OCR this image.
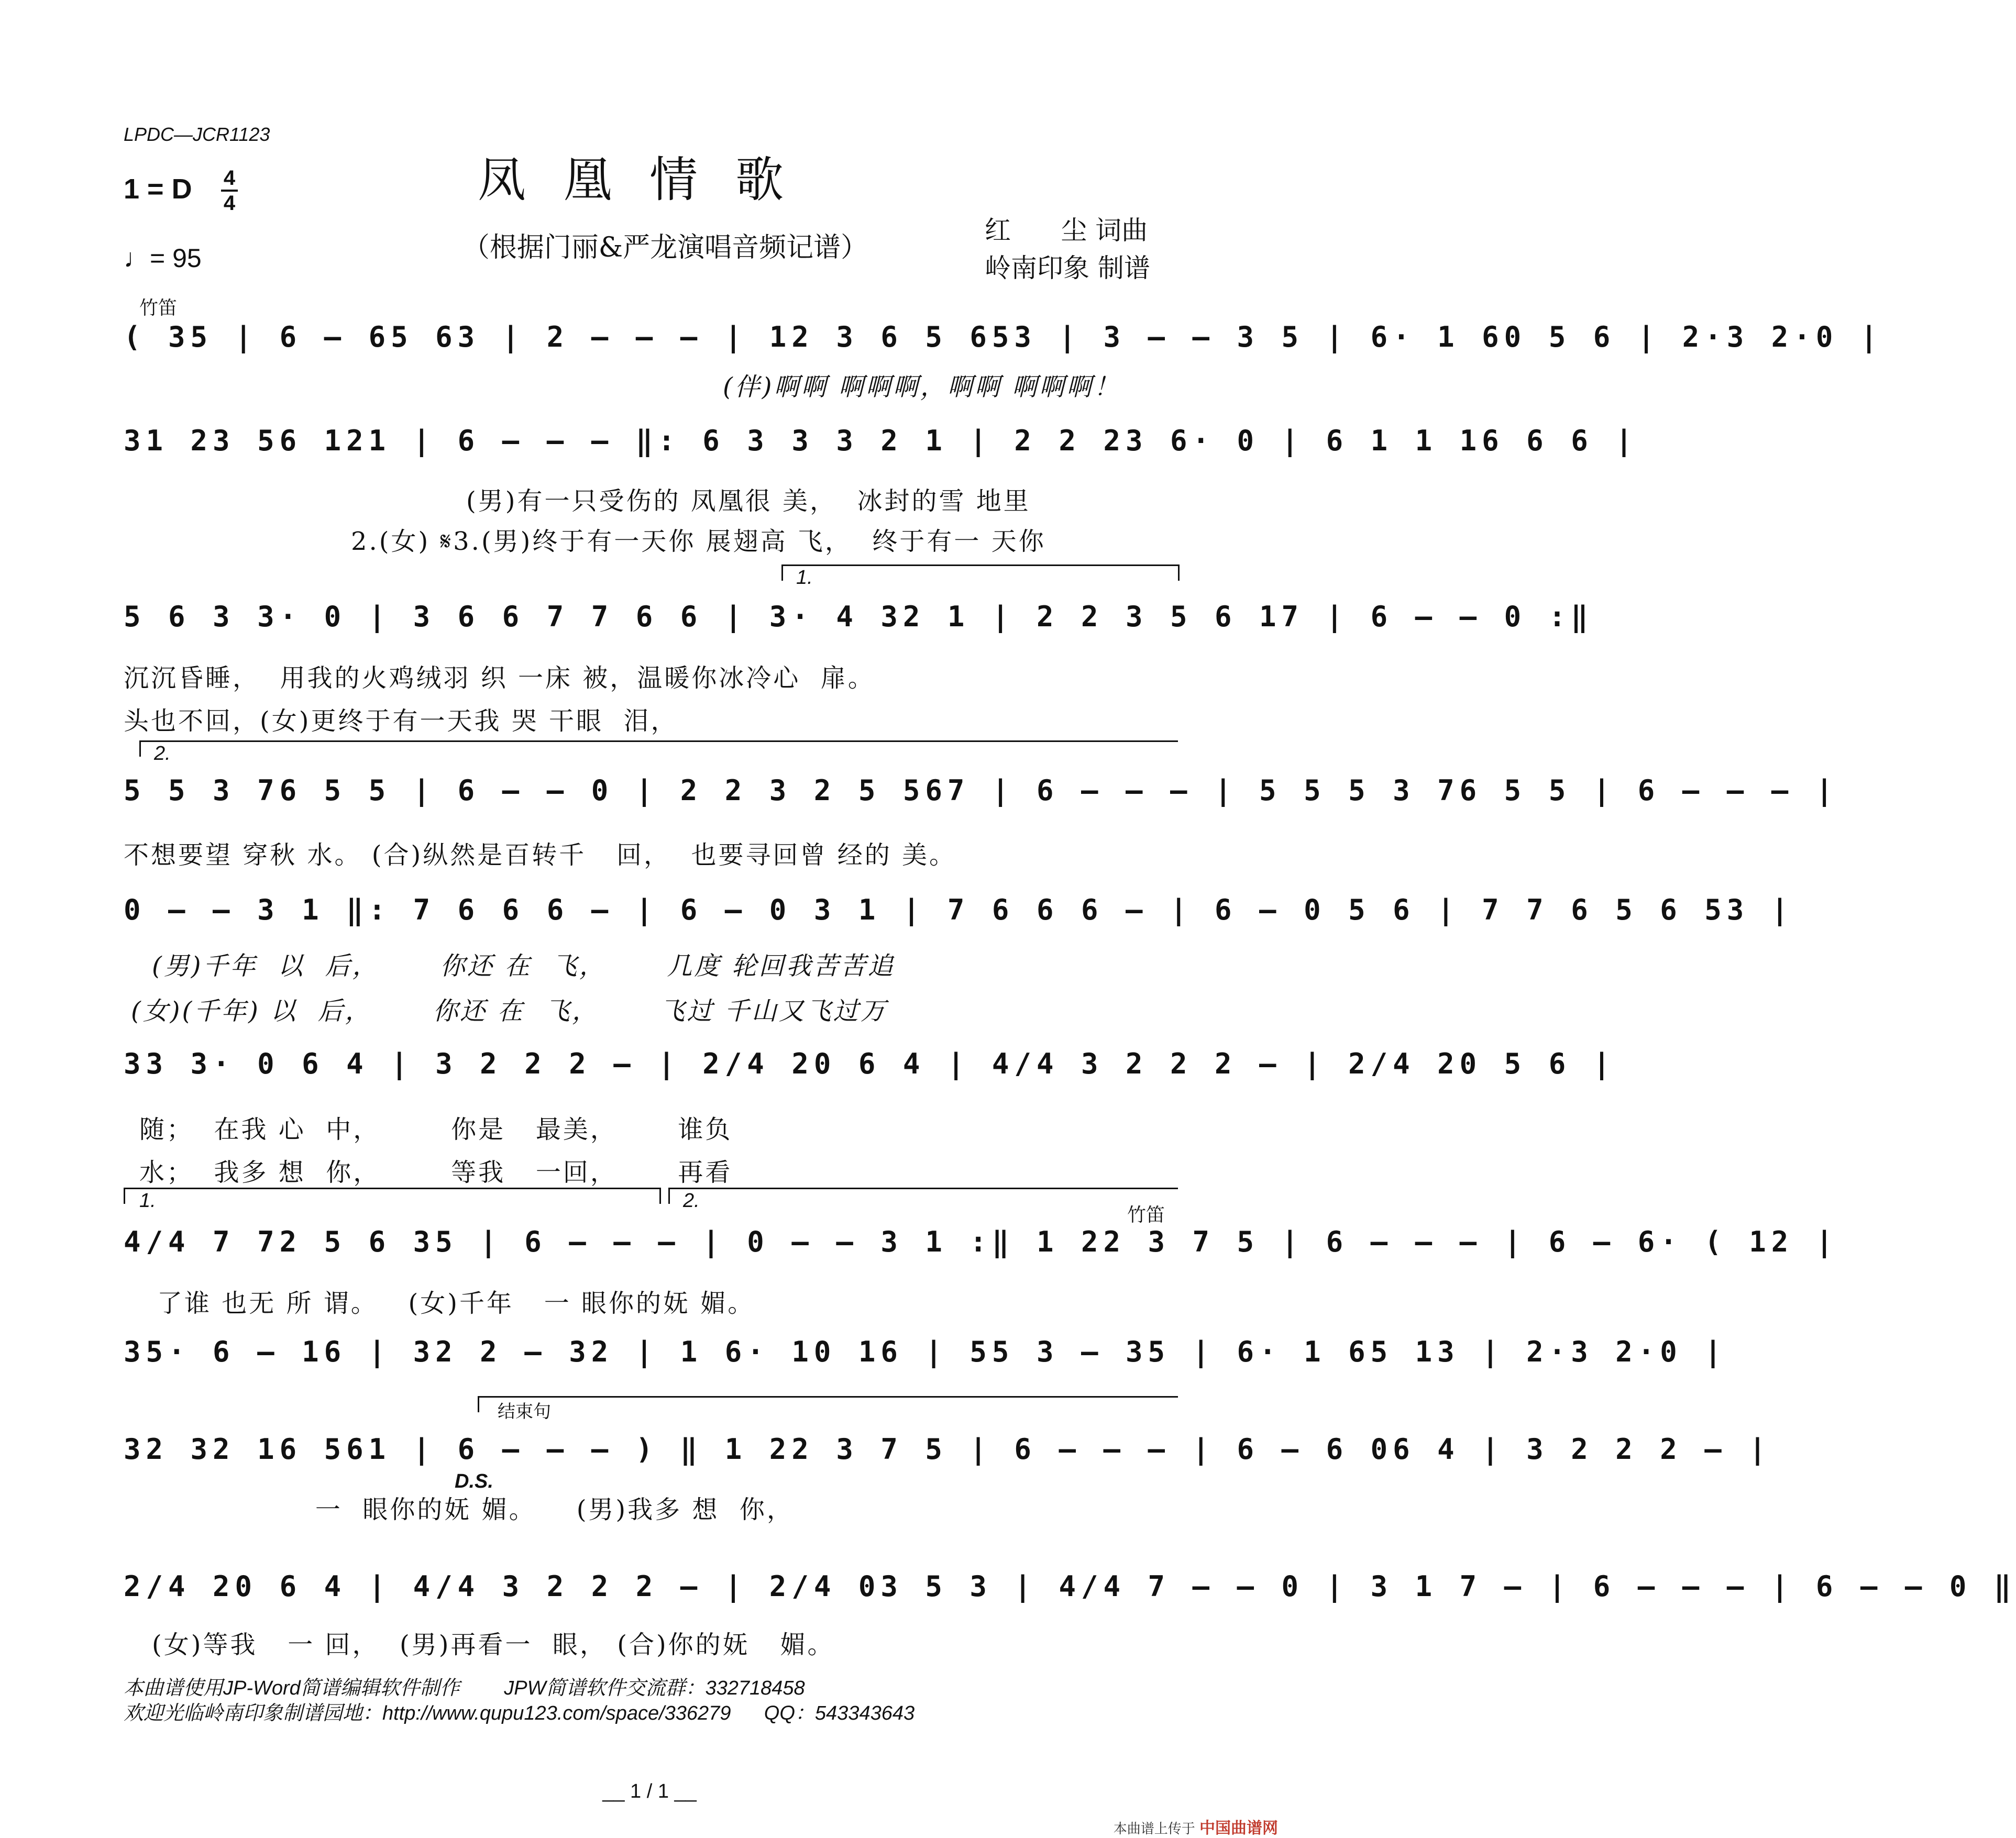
LPDC—JCR1123
凤凰情歌
1 = D 4
4
♩= 95	（根据门丽&严龙演唱音频记谱）
红      尘 词曲
岭南印象 制谱
竹笛
( 35 | 6 – 65 63 | 2 – – – | 12 3 6 5 653 | 3 – – 3 5 | 6· 1 60 5 6 | 2·3 2·0 |
(伴)啊啊 啊啊啊，啊啊 啊啊啊！
31 23 56 121 | 6 – – – ‖: 6 3 3 3 2 1 | 2 2 23 6· 0 | 6 1 1 16 6 6 |
(男)有一只受伤的 凤凰很 美，  冰封的雪 地里
2.(女) 𝄋3.(男)终于有一天你 展翅高 飞，  终于有一 天你
1.
5 6 3 3· 0 | 3 6 6 7 7 6 6 | 3· 4 32 1 | 2 2 3 5 6 17 | 6 – – 0 :‖
沉沉昏睡，  用我的火鸡绒羽 织 一床 被，温暖你冰冷心  扉。
头也不回，(女)更终于有一天我 哭 干眼  泪，
2.
5 5 3 76 5 5 | 6 – – 0 | 2 2 3 2 5 567 | 6 – – – | 5 5 5 3 76 5 5 | 6 – – – |
不想要望 穿秋 水。 (合)纵然是百转千   回，  也要寻回曾 经的 美。
0 – – 3 1 ‖: 7 6 6 6 – | 6 – 0 3 1 | 7 6 6 6 – | 6 – 0 5 6 | 7 7 6 5 6 53 |
(男)千年  以  后，      你还 在  飞，      几度 轮回我苦苦追
(女)(千年) 以  后，      你还 在  飞，      飞过 千山又飞过万
33 3· 0 6 4 | 3 2 2 2 – | 2/4 20 6 4 | 4/4 3 2 2 2 – | 2/4 20 5 6 |
随；  在我 心  中，       你是   最美，      谁负
水；  我多 想  你，       等我   一回，      再看
1.	2.
竹笛
4/4 7 72 5 6 35 | 6 – – – | 0 – – 3 1 :‖ 1 22 3 7 5 | 6 – – – | 6 – 6· ( 12 |
了谁 也无 所 谓。   (女)千年   一 眼你的妩 媚。
35· 6 – 16 | 32 2 – 32 | 1 6· 10 16 | 55 3 – 35 | 6· 1 65 13 | 2·3 2·0 |
结束句
32 32 16 561 | 6 – – – ) ‖ 1 22 3 7 5 | 6 – – – | 6 – 6 06 4 | 3 2 2 2 – |
D.S.
一  眼你的妩 媚。    (男)我多 想  你，
2/4 20 6 4 | 4/4 3 2 2 2 – | 2/4 03 5 3 | 4/4 7 – – 0 | 3 1 7 – | 6 – – – | 6 – – 0 ‖
(女)等我   一 回，  (男)再看一  眼， (合)你的妩   媚。
本曲谱使用JP-Word简谱编辑软件制作        JPW简谱软件交流群：332718458
欢迎光临岭南印象制谱园地：http://www.qupu123.com/space/336279      QQ：543343643
__ 1 / 1 __
本曲谱上传于 中国曲谱网
